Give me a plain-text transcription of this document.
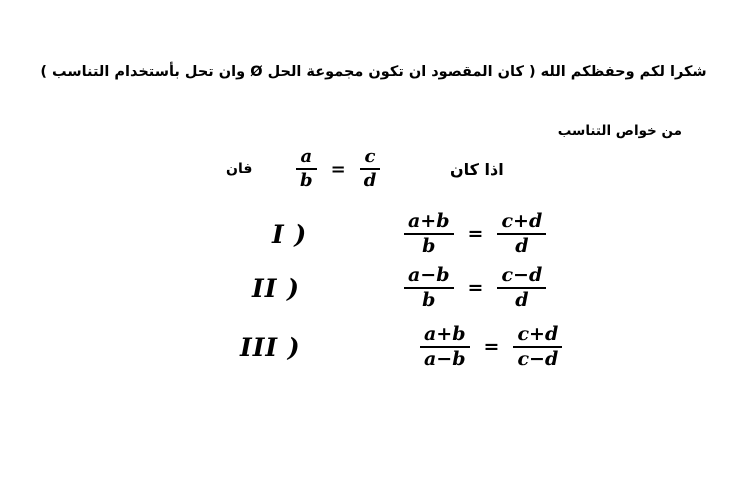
شكرا لكم وحفظكم الله ( كان المقصود ان تكون مجموعة الحل Ø وان تحل بأستخدام التناسب )
من خواص التناسب
اذا كان
$\frac{a}{b} = \frac{c}{d}$
فان
I )	$\frac{a+b}{b} = \frac{c+d}{d}$
II )	$\frac{a-b}{b} = \frac{c-d}{d}$
III )	$\frac{a+b}{a-b} = \frac{c+d}{c-d}$
